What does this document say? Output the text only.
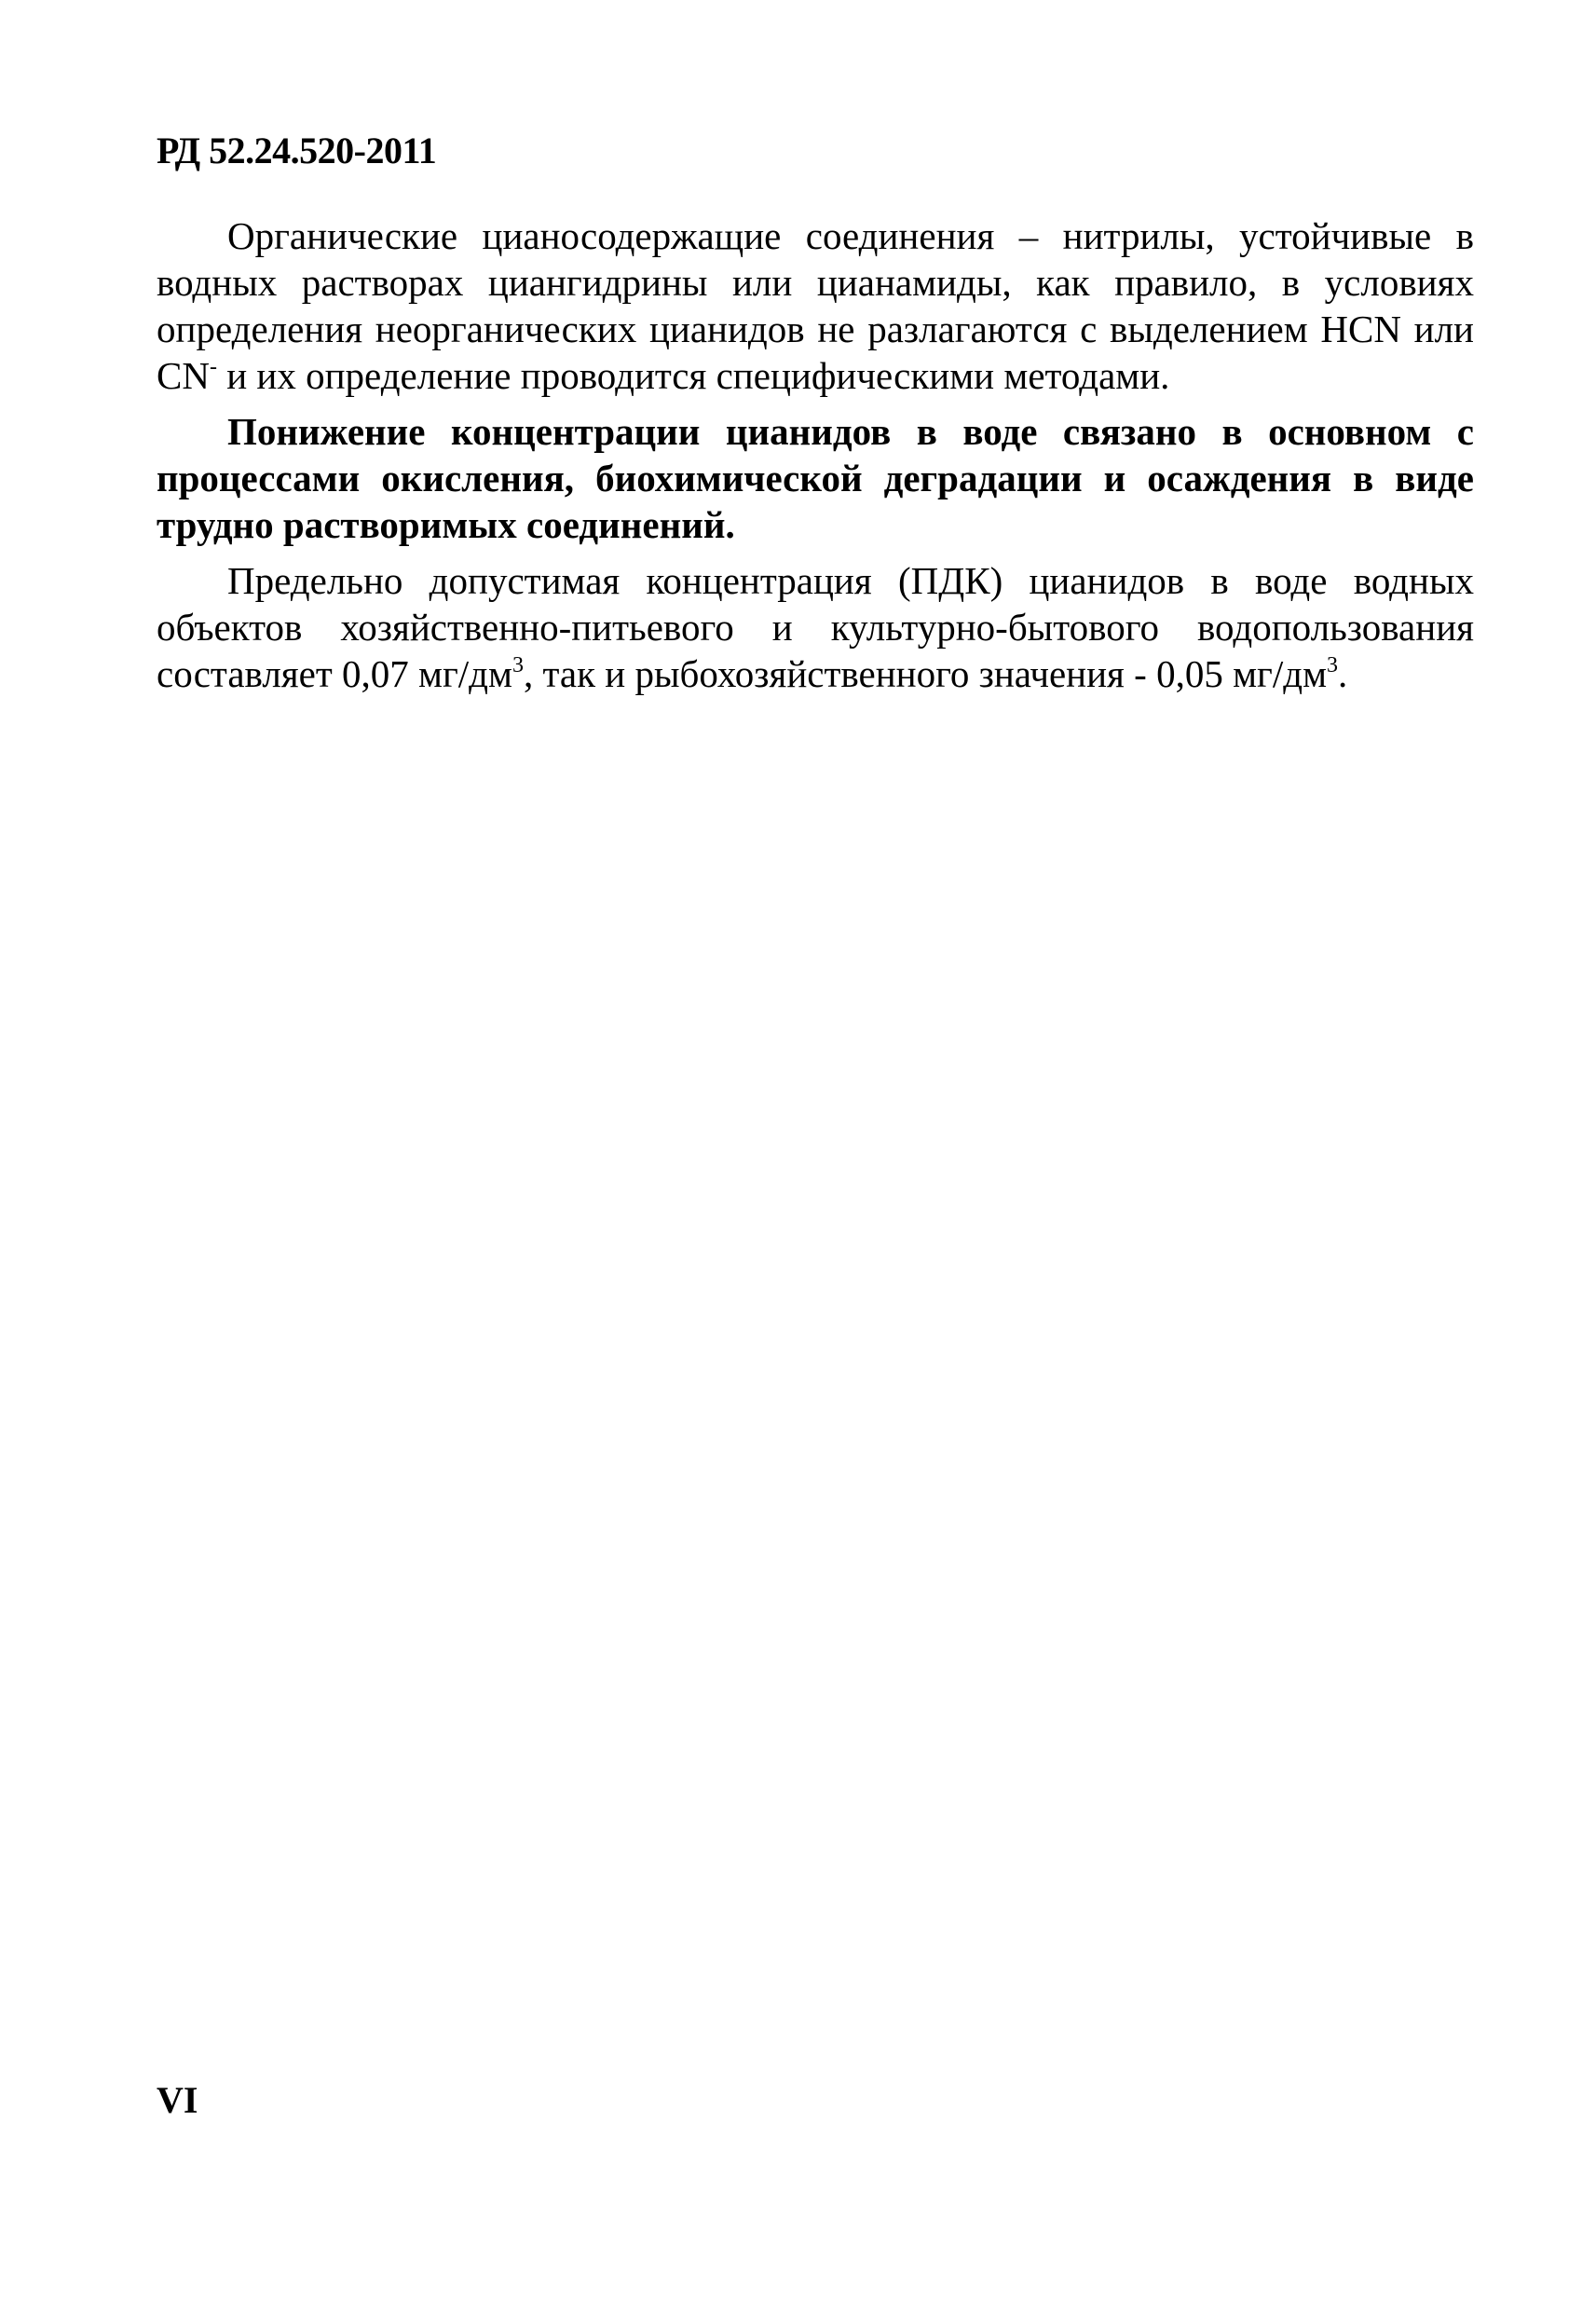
РД 52.24.520-2011

Органические цианосодержащие соединения – нитрилы, устойчивые в водных растворах циангидрины или цианамиды, как правило, в условиях определения неорганических цианидов не разлагаются с выделением HCN или CN- и их определение проводится специфическими методами.

Понижение концентрации цианидов в воде связано в основном с процессами окисления, биохимической деградации и осаждения в виде трудно растворимых соединений.

Предельно допустимая концентрация (ПДК) цианидов в воде водных объектов хозяйственно-питьевого и культурно-бытового водопользования составляет 0,07 $мг/дм^3$, так и рыбохозяйственного значения - 0,05 $мг/дм^3$.

VI
